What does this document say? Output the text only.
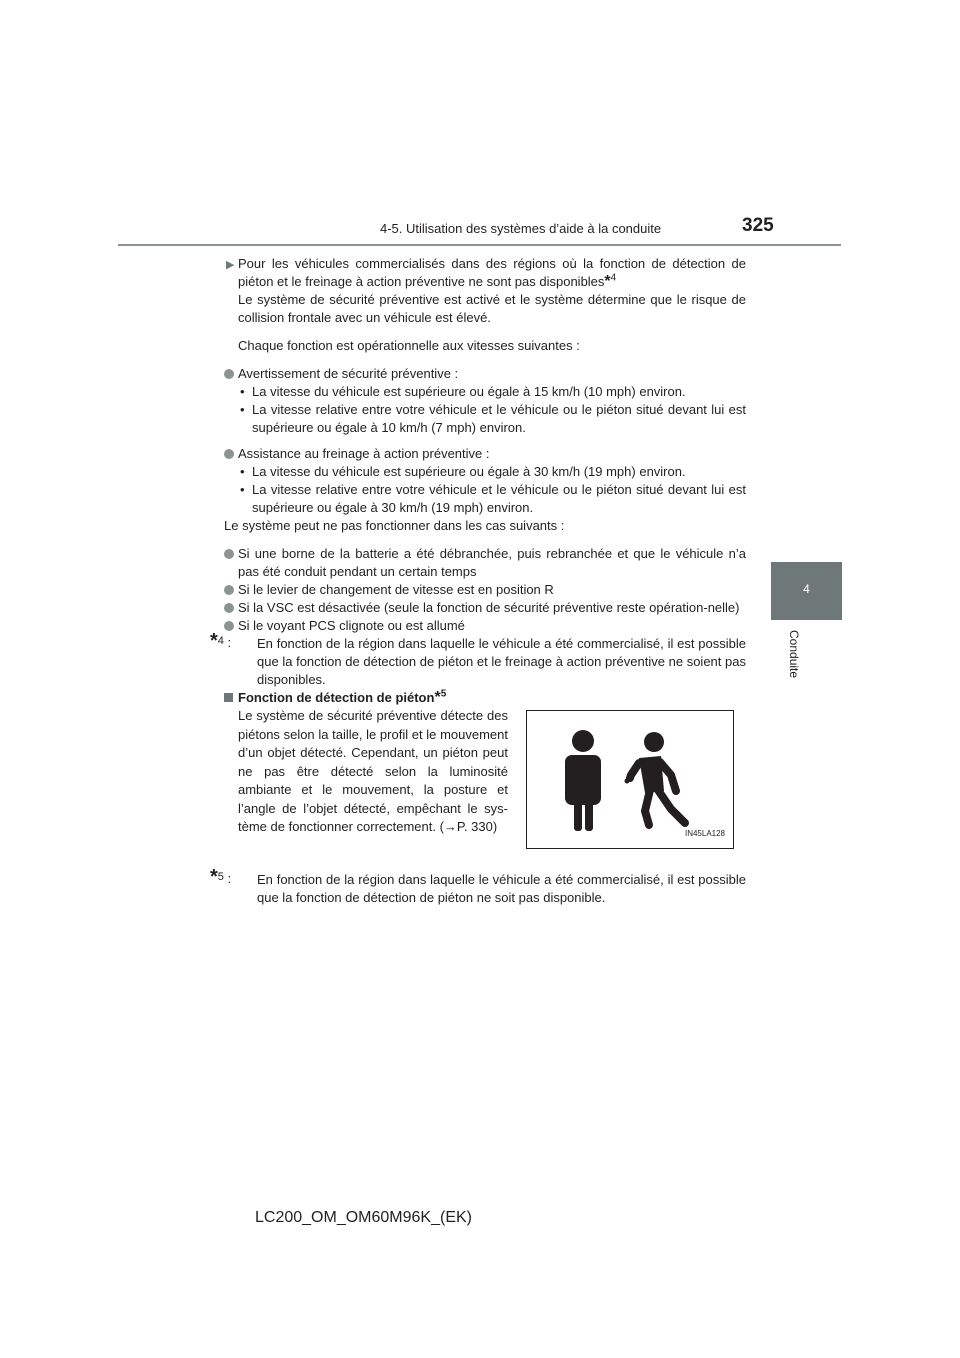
4-5. Utilisation des systèmes d’aide à la conduite	325
4
Conduite

▶ Pour les véhicules commercialisés dans des régions où la fonction de détection de piéton et le freinage à action préventive ne sont pas disponibles*$^4$

Le système de sécurité préventive est activé et le système détermine que le risque de collision frontale avec un véhicule est élevé.

Chaque fonction est opérationnelle aux vitesses suivantes :

Avertissement de sécurité préventive :

• La vitesse du véhicule est supérieure ou égale à 15 km/h (10 mph) environ.

• La vitesse relative entre votre véhicule et le véhicule ou le piéton situé devant lui est supérieure ou égale à 10 km/h (7 mph) environ.

Assistance au freinage à action préventive :

• La vitesse du véhicule est supérieure ou égale à 30 km/h (19 mph) environ.

• La vitesse relative entre votre véhicule et le véhicule ou le piéton situé devant lui est supérieure ou égale à 30 km/h (19 mph) environ.

Le système peut ne pas fonctionner dans les cas suivants :

Si une borne de la batterie a été débranchée, puis rebranchée et que le véhicule n’a pas été conduit pendant un certain temps

Si le levier de changement de vitesse est en position R

Si la VSC est désactivée (seule la fonction de sécurité préventive reste opération-nelle)

Si le voyant PCS clignote ou est allumé

*$^4$ : En fonction de la région dans laquelle le véhicule a été commercialisé, il est possible que la fonction de détection de piéton et le freinage à action préventive ne soient pas disponibles.

Fonction de détection de piéton*$^5$

Le système de sécurité préventive détecte des piétons selon la taille, le profil et le mouvement d’un objet détecté. Cependant, un piéton peut ne pas être détecté selon la luminosité ambiante et le mouvement, la posture et l’angle de l’objet détecté, empêchant le sys-tème de fonctionner correctement. (→P. 330)	IN45LA128

*$^5$ : En fonction de la région dans laquelle le véhicule a été commercialisé, il est possible que la fonction de détection de piéton ne soit pas disponible.

LC200_OM_OM60M96K_(EK)
